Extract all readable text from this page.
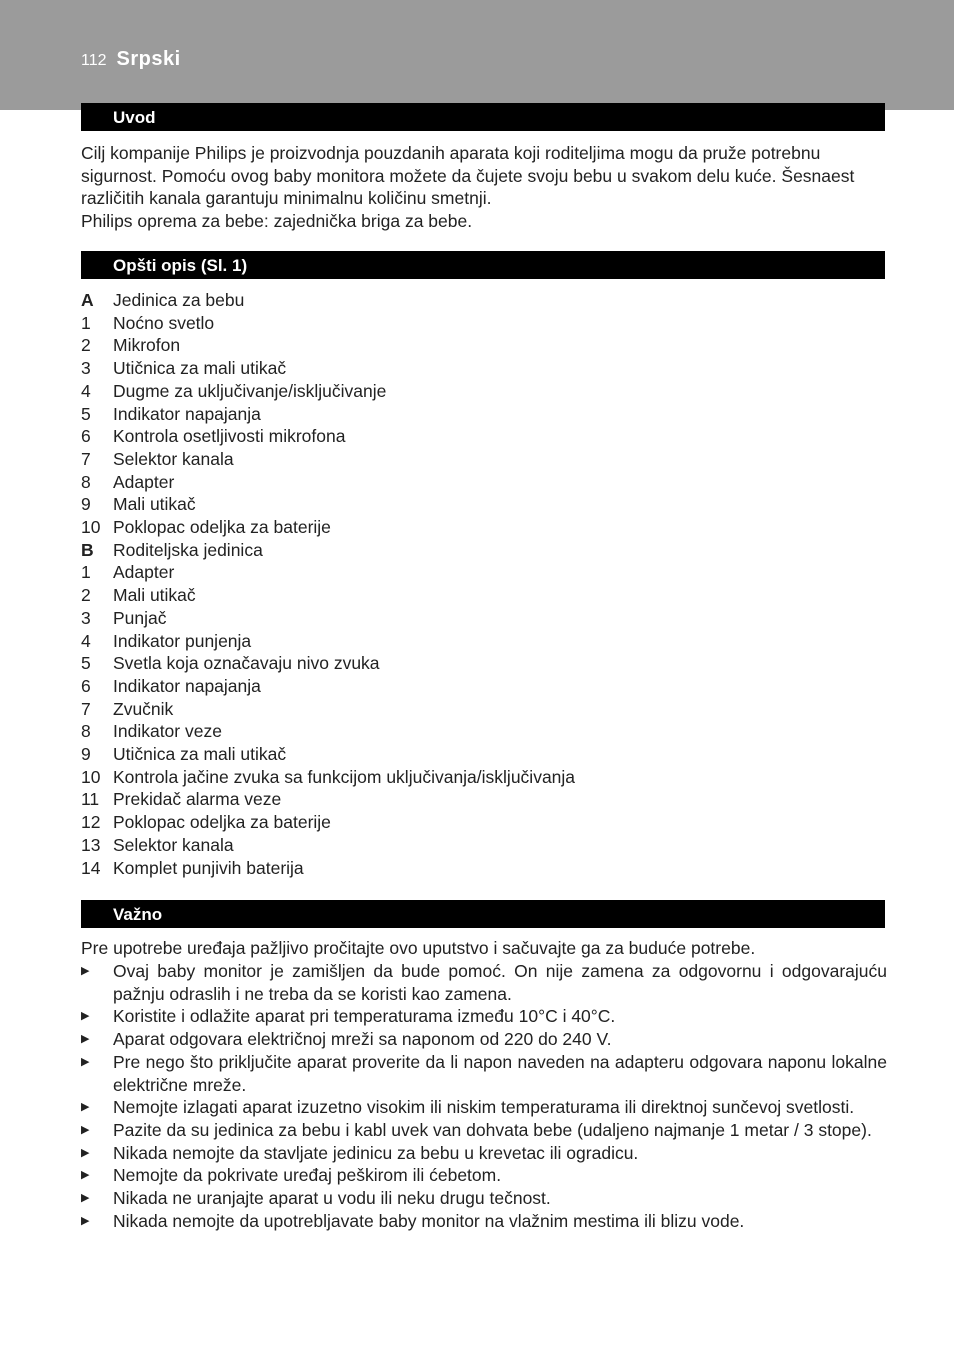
112 Srpski
Uvod

Cilj kompanije Philips je proizvodnja pouzdanih aparata koji roditeljima mogu da pruže potrebnu sigurnost. Pomoću ovog baby monitora možete da čujete svoju bebu u svakom delu kuće. Šesnaest različitih kanala garantuju minimalnu količinu smetnji.

Philips oprema za bebe: zajednička briga za bebe.

Opšti opis (Sl. 1)
A	Jedinica za bebu
1	Noćno svetlo
2	Mikrofon
3	Utičnica za mali utikač
4	Dugme za uključivanje/isključivanje
5	Indikator napajanja
6	Kontrola osetljivosti mikrofona
7	Selektor kanala
8	Adapter
9	Mali utikač
10 Poklopac odeljka za baterije
B	Roditeljska jedinica
1	Adapter
2	Mali utikač
3	Punjač
4	Indikator punjenja
5	Svetla koja označavaju nivo zvuka
6	Indikator napajanja
7	Zvučnik
8	Indikator veze
9	Utičnica za mali utikač
10 Kontrola jačine zvuka sa funkcijom uključivanja/isključivanja
11 Prekidač alarma veze
12 Poklopac odeljka za baterije
13 Selektor kanala
14 Komplet punjivih baterija
Važno
Pre upotrebe uređaja pažljivo pročitajte ovo uputstvo i sačuvajte ga za buduće potrebe.
▶	Ovaj baby monitor je zamišljen da bude pomoć. On nije zamena za odgovornu i odgovarajuću pažnju odraslih i ne treba da se koristi kao zamena.
▶	Koristite i odlažite aparat pri temperaturama između 10°C i 40°C.
▶	Aparat odgovara električnoj mreži sa naponom od 220 do 240 V.
▶	Pre nego što priključite aparat proverite da li napon naveden na adapteru odgovara naponu lokalne električne mreže.
▶	Nemojte izlagati aparat izuzetno visokim ili niskim temperaturama ili direktnoj sunčevoj svetlosti.
▶	Pazite da su jedinica za bebu i kabl uvek van dohvata bebe (udaljeno najmanje 1 metar / 3 stope).
▶	Nikada nemojte da stavljate jedinicu za bebu u krevetac ili ogradicu.
▶	Nemojte da pokrivate uređaj peškirom ili ćebetom.
▶	Nikada ne uranjajte aparat u vodu ili neku drugu tečnost.
▶	Nikada nemojte da upotrebljavate baby monitor na vlažnim mestima ili blizu vode.
